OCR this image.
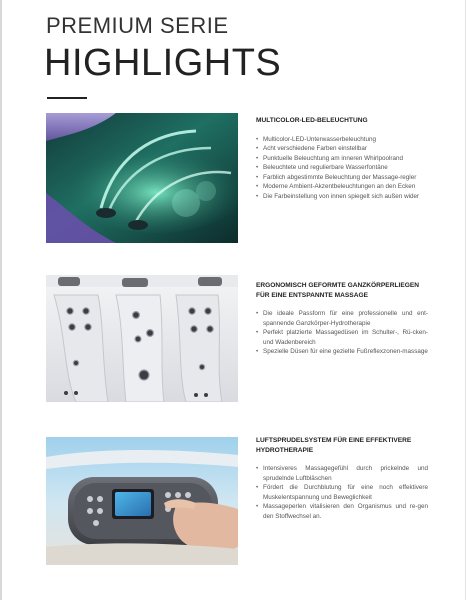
PREMIUM SERIE
HIGHLIGHTS
MULTICOLOR-LED-BELEUCHTUNG
• Multicolor-LED-Unterwasserbeleuchtung
• Acht verschiedene Farben einstellbar
• Punktuelle Beleuchtung am inneren Whirlpoolrand
• Beleuchtete und regulierbare Wasserfontäne
• Farblich abgestimmte Beleuchtung der Massage-regler
• Moderne Ambient-Akzentbeleuchtungen an den Ecken
• Die Farbeinstellung von innen spiegelt sich außen wider
ERGONOMISCH GEFORMTE GANZKÖRPERLIEGEN FÜR EINE ENTSPANNTE MASSAGE
• Die ideale Passform für eine professionelle und ent-spannende Ganzkörper-Hydrotherapie
• Perfekt platzierte Massagedüsen im Schulter-, Rü-cken- und Wadenbereich
• Spezielle Düsen für eine gezielte Fußreflexzonen-massage
LUFTSPRUDELSYSTEM FÜR EINE EFFEKTIVERE HYDROTHERAPIE
• Intensiveres Massagegefühl durch prickelnde und sprudelnde Luftbläschen
• Fördert die Durchblutung für eine noch effektivere Muskelentspannung und Beweglichkeit
• Massageperlen vitalisieren den Organismus und re-gen den Stoffwechsel an.
